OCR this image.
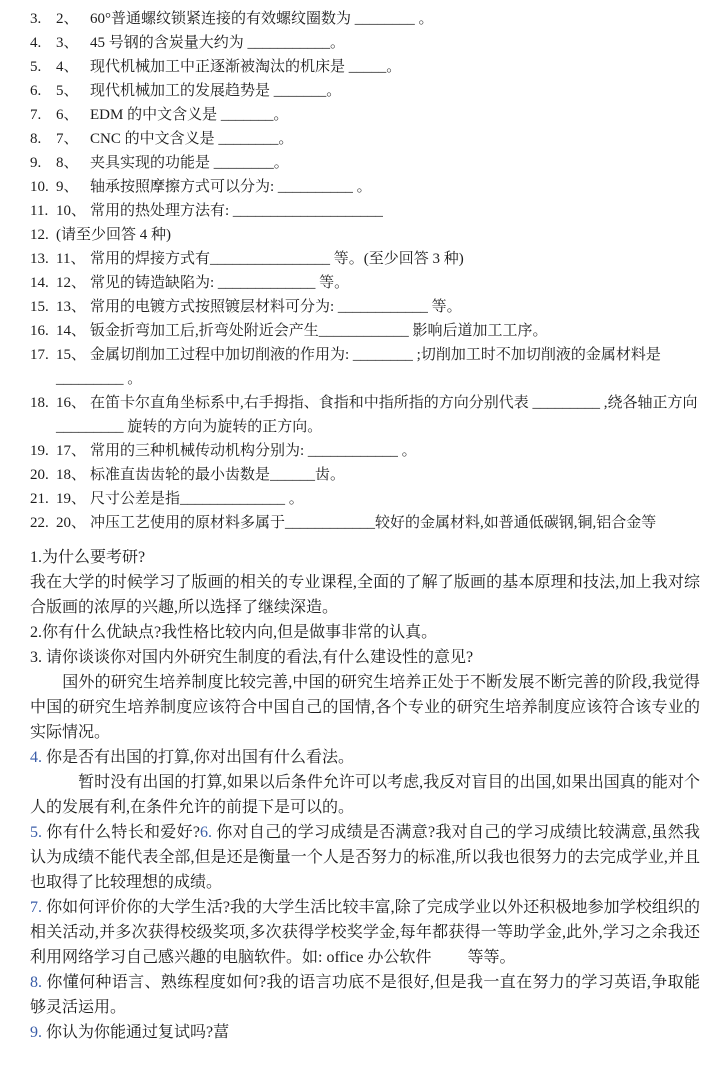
3. 2、 60°普通螺纹锁紧连接的有效螺纹圈数为 ________ 。
4. 3、 45 号钢的含炭量大约为 ___________。
5. 4、 现代机械加工中正逐渐被淘汰的机床是 _____。
6. 5、 现代机械加工的发展趋势是 _______。
7. 6、 EDM 的中文含义是 _______。
8. 7、 CNC 的中文含义是 ________。
9. 8、 夹具实现的功能是 ________。
10. 9、 轴承按照摩擦方式可以分为: __________ 。
11. 10、 常用的热处理方法有: ____________________
12. (请至少回答 4 种)
13. 11、 常用的焊接方式有________________ 等。(至少回答 3 种)
14. 12、 常见的铸造缺陷为: _____________ 等。
15. 13、 常用的电镀方式按照镀层材料可分为: ____________ 等。
16. 14、 钣金折弯加工后,折弯处附近会产生____________ 影响后道加工工序。
17. 15、 金属切削加工过程中加切削液的作用为: ________ ;切削加工时不加切削液的金属材料是 _________ 。
18. 16、 在笛卡尔直角坐标系中,右手拇指、食指和中指所指的方向分别代表 _________ ,绕各轴正方向_________ 旋转的方向为旋转的正方向。
19. 17、 常用的三种机械传动机构分别为: ____________ 。
20. 18、 标准直齿齿轮的最小齿数是______齿。
21. 19、 尺寸公差是指______________ 。
22. 20、 冲压工艺使用的原材料多属于____________较好的金属材料,如普通低碳钢,铜,铝合金等

1.为什么要考研?

我在大学的时候学习了版画的相关的专业课程,全面的了解了版画的基本原理和技法,加上我对综合版画的浓厚的兴趣,所以选择了继续深造。

2.你有什么优缺点?我性格比较内向,但是做事非常的认真。

3. 请你谈谈你对国内外研究生制度的看法,有什么建设性的意见?

　　国外的研究生培养制度比较完善,中国的研究生培养正处于不断发展不断完善的阶段,我觉得中国的研究生培养制度应该符合中国自己的国情,各个专业的研究生培养制度应该符合该专业的实际情况。

4. 你是否有出国的打算,你对出国有什么看法。

　　　暂时没有出国的打算,如果以后条件允许可以考虑,我反对盲目的出国,如果出国真的能对个人的发展有利,在条件允许的前提下是可以的。

5. 你有什么特长和爱好?6. 你对自己的学习成绩是否满意?我对自己的学习成绩比较满意,虽然我认为成绩不能代表全部,但是还是衡量一个人是否努力的标准,所以我也很努力的去完成学业,并且也取得了比较理想的成绩。

7. 你如何评价你的大学生活?我的大学生活比较丰富,除了完成学业以外还积极地参加学校组织的相关活动,并多次获得校级奖项,多次获得学校奖学金,每年都获得一等助学金,此外,学习之余我还利用网络学习自己感兴趣的电脑软件。如: office 办公软件　　 等等。

8. 你懂何种语言、熟练程度如何?我的语言功底不是很好,但是我一直在努力的学习英语,争取能够灵活运用。

9. 你认为你能通过复试吗?葍
